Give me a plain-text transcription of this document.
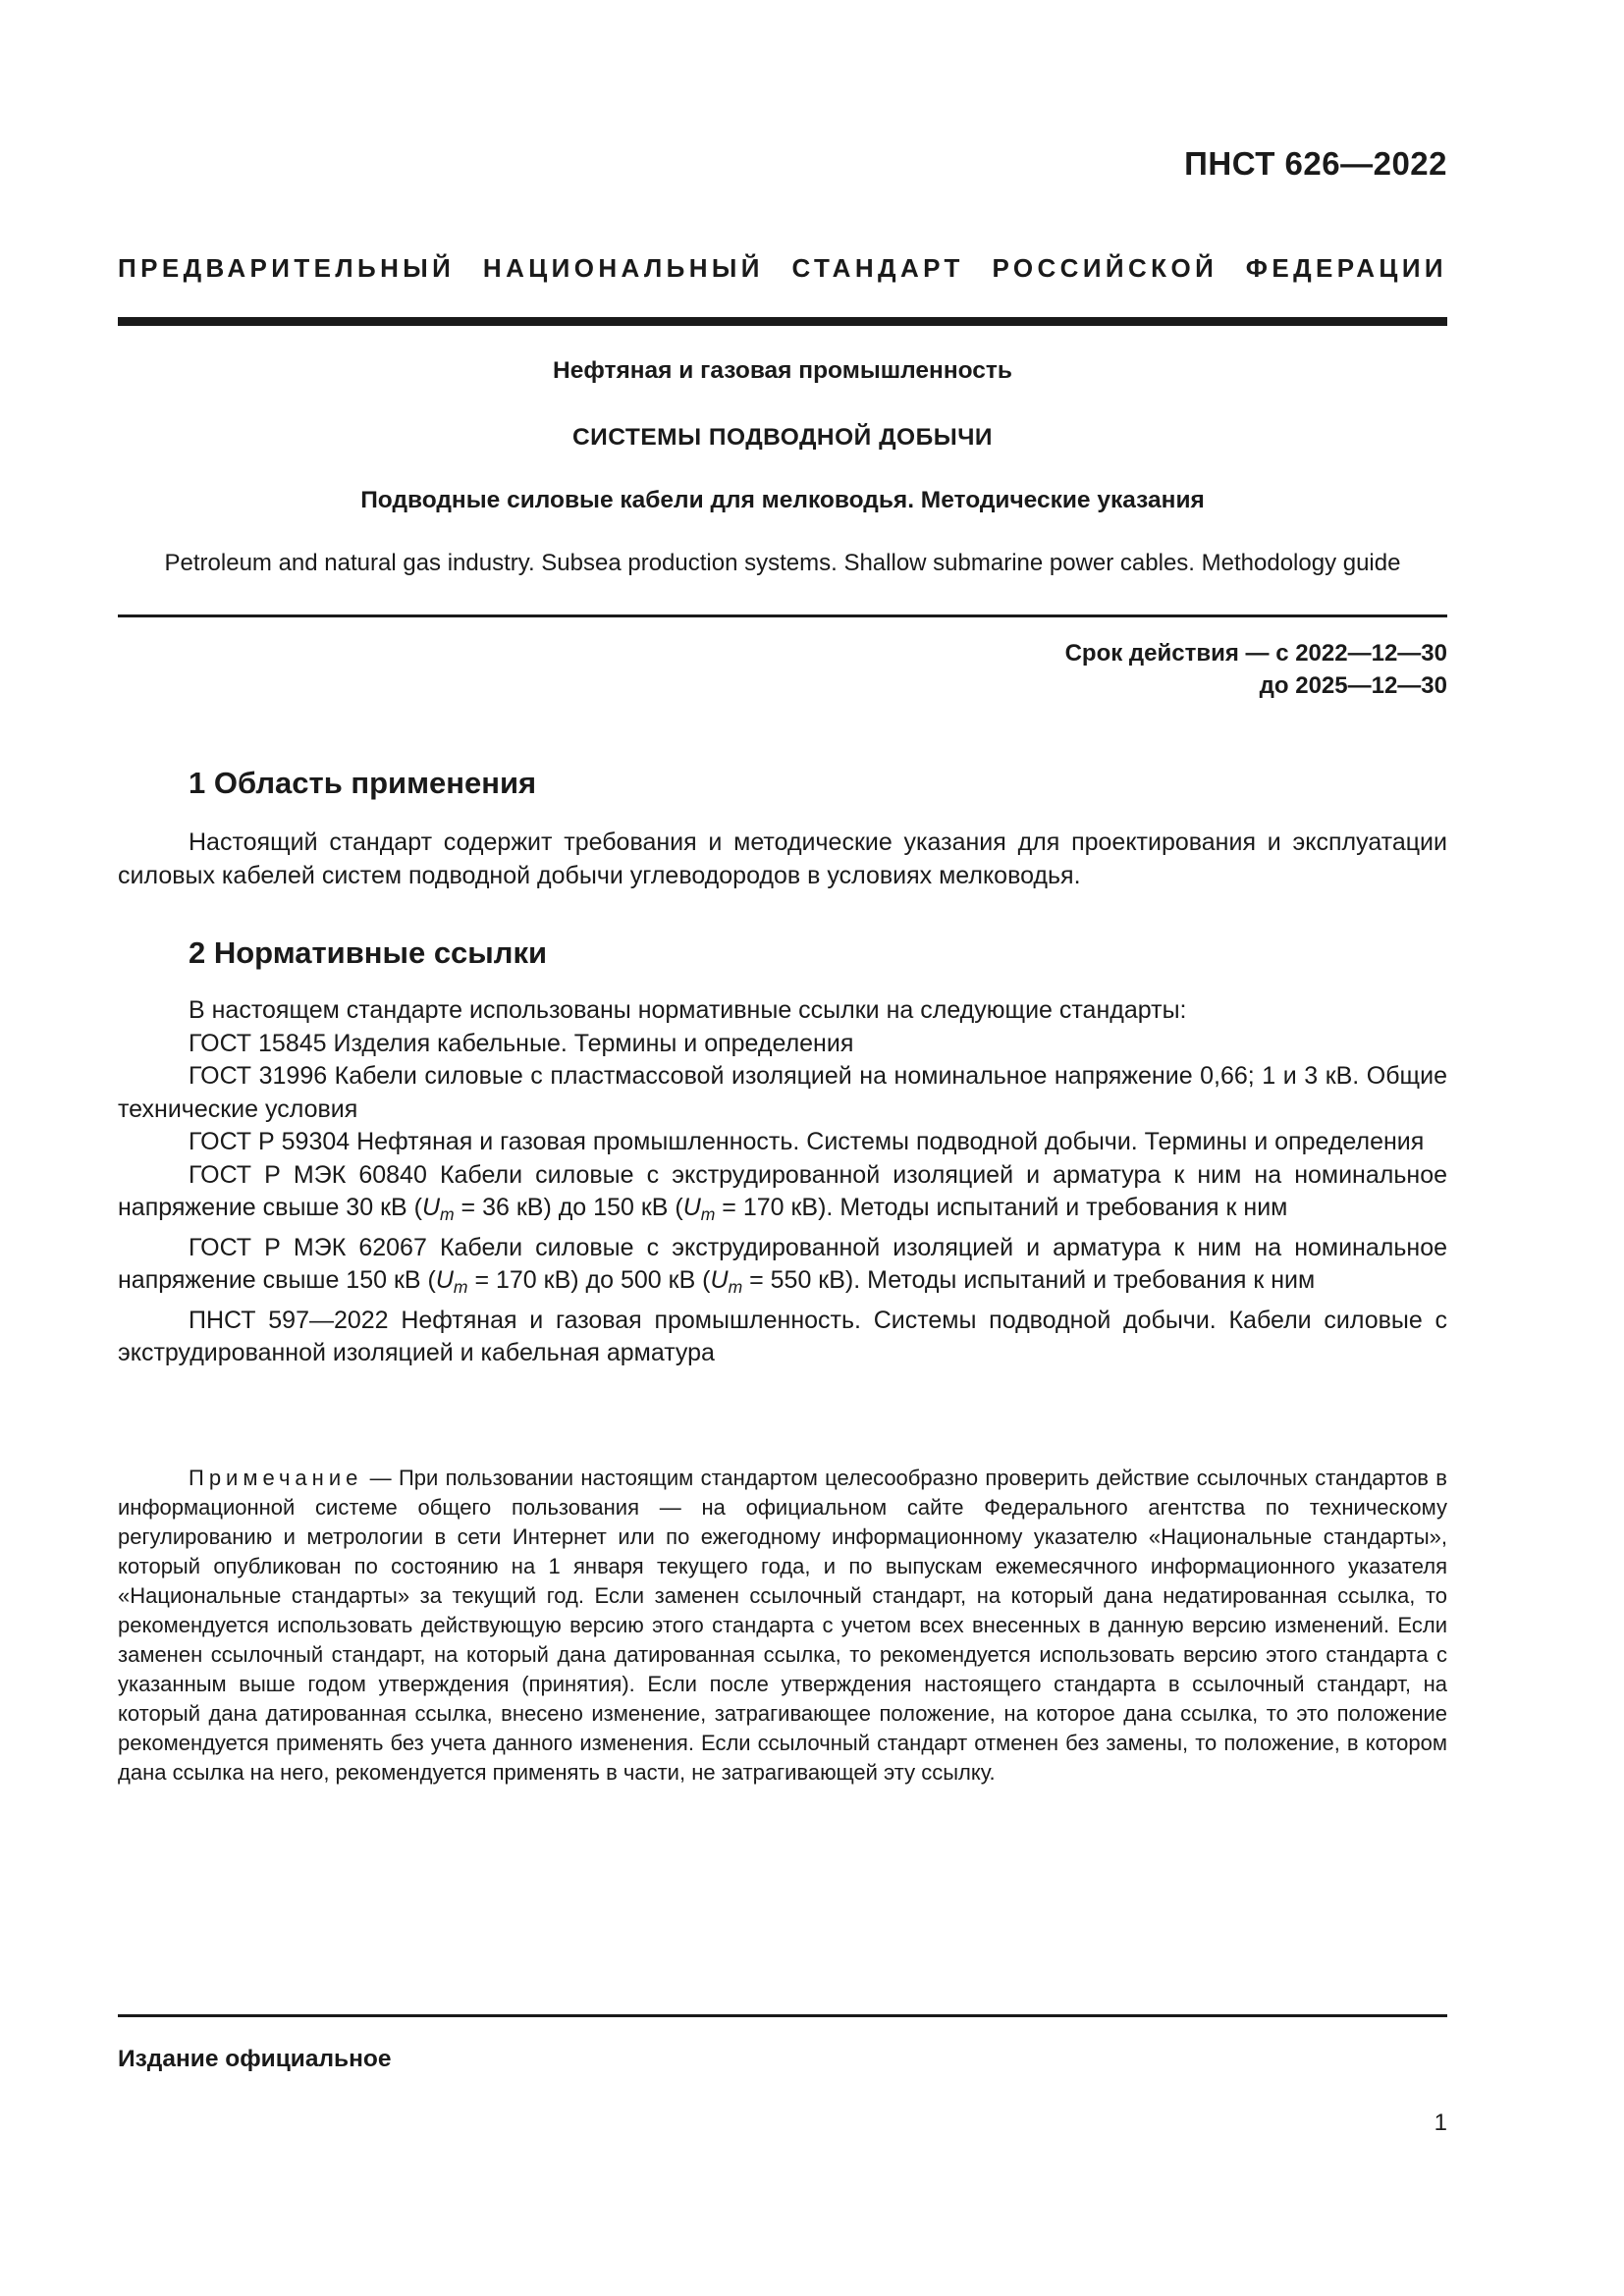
ПНСТ 626—2022
ПРЕДВАРИТЕЛЬНЫЙ НАЦИОНАЛЬНЫЙ СТАНДАРТ РОССИЙСКОЙ ФЕДЕРАЦИИ
Нефтяная и газовая промышленность
СИСТЕМЫ ПОДВОДНОЙ ДОБЫЧИ
Подводные силовые кабели для мелководья. Методические указания
Petroleum and natural gas industry. Subsea production systems. Shallow submarine power cables. Methodology guide
Срок действия — с 2022—12—30
до 2025—12—30
1 Область применения

Настоящий стандарт содержит требования и методические указания для проектирования и эксплуатации силовых кабелей систем подводной добычи углеводородов в условиях мелководья.

2 Нормативные ссылки

В настоящем стандарте использованы нормативные ссылки на следующие стандарты:

ГОСТ 15845 Изделия кабельные. Термины и определения

ГОСТ 31996 Кабели силовые с пластмассовой изоляцией на номинальное напряжение 0,66; 1 и 3 кВ. Общие технические условия

ГОСТ Р 59304 Нефтяная и газовая промышленность. Системы подводной добычи. Термины и определения

ГОСТ Р МЭК 60840 Кабели силовые с экструдированной изоляцией и арматура к ним на номинальное напряжение свыше 30 кВ ($U_m = 36$ кВ) до 150 кВ ($U_m = 170$ кВ). Методы испытаний и требования к ним

ГОСТ Р МЭК 62067 Кабели силовые с экструдированной изоляцией и арматура к ним на номинальное напряжение свыше 150 кВ ($U_m = 170$ кВ) до 500 кВ ($U_m = 550$ кВ). Методы испытаний и требования к ним

ПНСТ 597—2022 Нефтяная и газовая промышленность. Системы подводной добычи. Кабели силовые с экструдированной изоляцией и кабельная арматура

Примечание — При пользовании настоящим стандартом целесообразно проверить действие ссылочных стандартов в информационной системе общего пользования — на официальном сайте Федерального агентства по техническому регулированию и метрологии в сети Интернет или по ежегодному информационному указателю «Национальные стандарты», который опубликован по состоянию на 1 января текущего года, и по выпускам ежемесячного информационного указателя «Национальные стандарты» за текущий год. Если заменен ссылочный стандарт, на который дана недатированная ссылка, то рекомендуется использовать действующую версию этого стандарта с учетом всех внесенных в данную версию изменений. Если заменен ссылочный стандарт, на который дана датированная ссылка, то рекомендуется использовать версию этого стандарта с указанным выше годом утверждения (принятия). Если после утверждения настоящего стандарта в ссылочный стандарт, на который дана датированная ссылка, внесено изменение, затрагивающее положение, на которое дана ссылка, то это положение рекомендуется применять без учета данного изменения. Если ссылочный стандарт отменен без замены, то положение, в котором дана ссылка на него, рекомендуется применять в части, не затрагивающей эту ссылку.
Издание официальное
1
